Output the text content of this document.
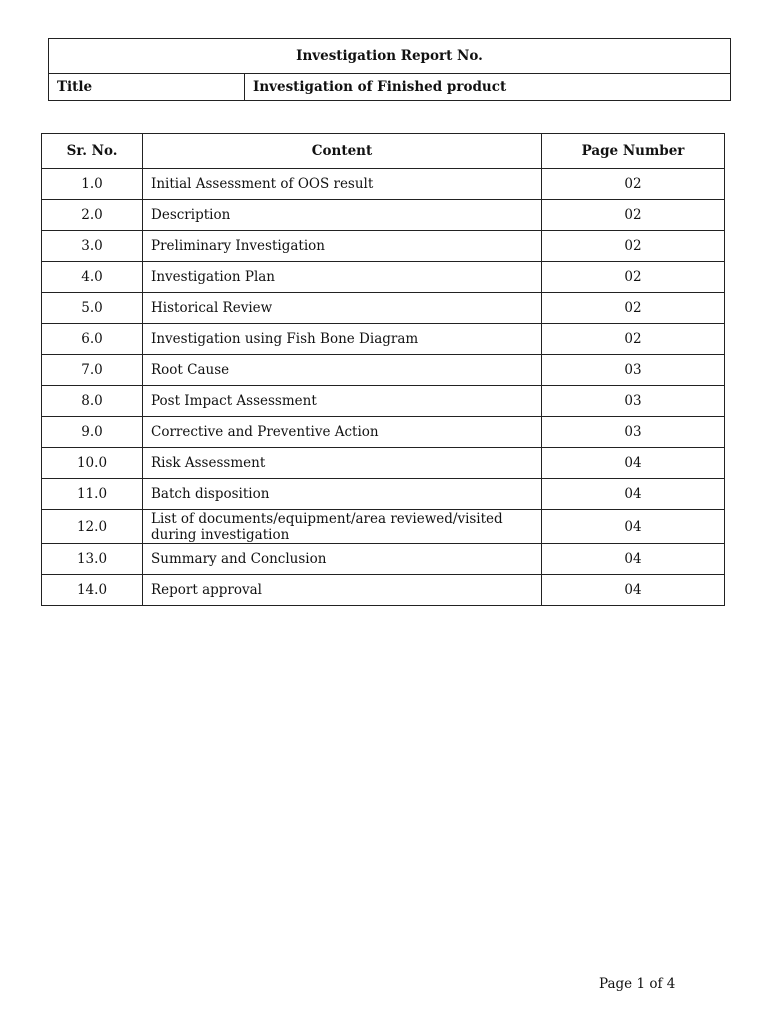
Investigation Report No.
Title	Investigation of Finished product
Sr. No.	Content	Page Number
1.0	Initial Assessment of OOS result	02
2.0	Description	02
3.0	Preliminary Investigation	02
4.0	Investigation Plan	02
5.0	Historical Review	02
6.0	Investigation using Fish Bone Diagram	02
7.0	Root Cause	03
8.0	Post Impact Assessment	03
9.0	Corrective and Preventive Action	03
10.0	Risk Assessment	04
11.0	Batch disposition	04
12.0	List of documents/equipment/area reviewed/visited during investigation	04
13.0	Summary and Conclusion	04
14.0	Report approval	04
Page 1 of 4
